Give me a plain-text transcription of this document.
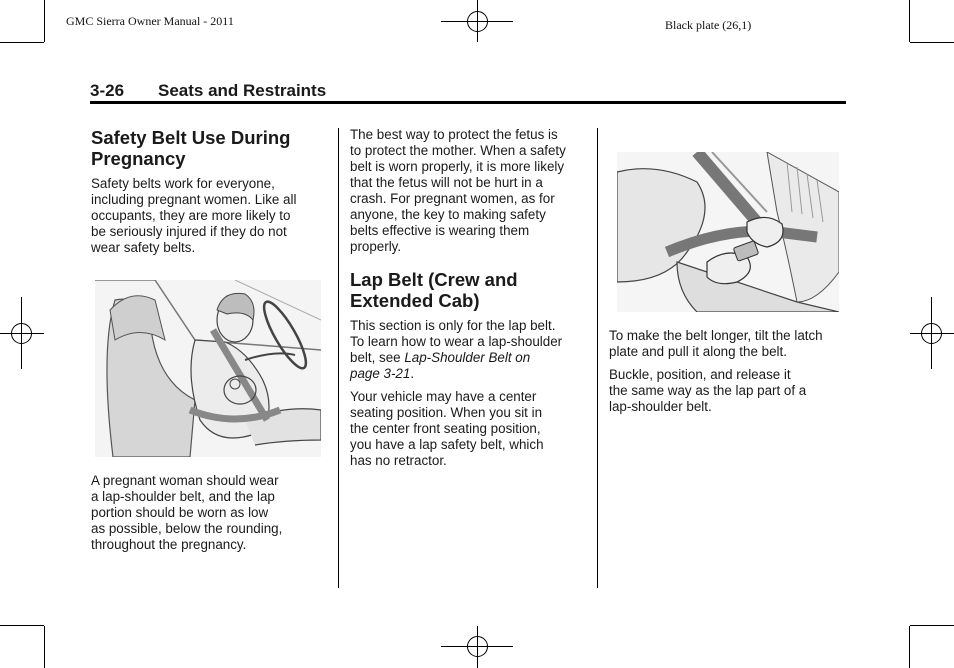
GMC Sierra Owner Manual - 2011	Black plate (26,1)
3-26 Seats and Restraints
Safety Belt Use During
Pregnancy

Safety belts work for everyone,
including pregnant women. Like all
occupants, they are more likely to
be seriously injured if they do not
wear safety belts.

A pregnant woman should wear
a lap-shoulder belt, and the lap
portion should be worn as low
as possible, below the rounding,
throughout the pregnancy.

The best way to protect the fetus is
to protect the mother. When a safety
belt is worn properly, it is more likely
that the fetus will not be hurt in a
crash. For pregnant women, as for
anyone, the key to making safety
belts effective is wearing them
properly.

Lap Belt (Crew and
Extended Cab)

This section is only for the lap belt.
To learn how to wear a lap-shoulder
belt, see Lap-Shoulder Belt on
page 3-21.

Your vehicle may have a center
seating position. When you sit in
the center front seating position,
you have a lap safety belt, which
has no retractor.

To make the belt longer, tilt the latch
plate and pull it along the belt.

Buckle, position, and release it
the same way as the lap part of a
lap-shoulder belt.
